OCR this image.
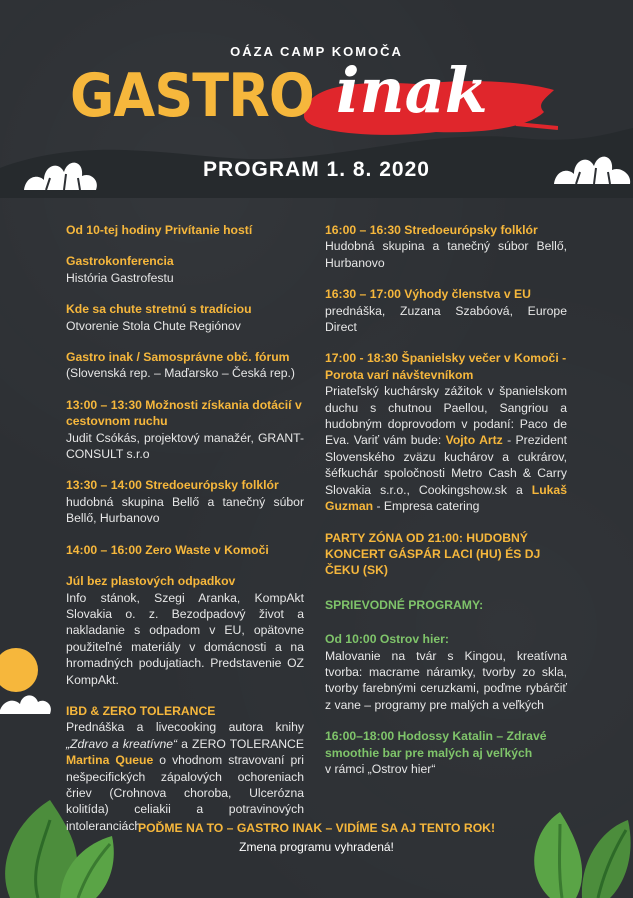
OÁZA CAMP KOMOČA
GASTRO inak
PROGRAM 1. 8. 2020
Od 10-tej hodiny Privítanie hostí
Gastrokonferencia
História Gastrofestu
Kde sa chute stretnú s tradíciou
Otvorenie Stola Chute Regiónov
Gastro inak / Samosprávne obč. fórum
(Slovenská rep. – Maďarsko – Česká rep.)
13:00 – 13:30 Možnosti získania dotácií v cestovnom ruchu
Judit Csókás, projektový manažér, GRANT-CONSULT s.r.o
13:30 – 14:00 Stredoeurópsky folklór
hudobná skupina Bellő a tanečný súbor Bellő, Hurbanovo
14:00 – 16:00 Zero Waste v Komoči
Júl bez plastových odpadkov
Info stánok, Szegi Aranka, KompAkt Slovakia o. z. Bezodpadový život a nakladanie s odpadom v EU, opätovne použiteľné materiály v domácnosti a na hromadných podujatiach. Predstavenie OZ KompAkt.
IBD & ZERO TOLERANCE
Prednáška a livecooking autora knihy „Zdravo a kreatívne“ a ZERO TOLERANCE Martina Queue o vhodnom stravovaní pri nešpecifických zápalových ochoreniach čriev (Crohnova choroba, Ulcerózna kolitída) celiakii a potravinových intoleranciách
16:00 – 16:30 Stredoeurópsky folklór
Hudobná skupina a tanečný súbor Bellő, Hurbanovo
16:30 – 17:00 Výhody členstva v EU
prednáška, Zuzana Szabóová, Europe Direct
17:00 - 18:30 Španielsky večer v Komoči - Porota varí návštevníkom
Priateľský kuchársky zážitok v španielskom duchu s chutnou Paellou, Sangriou a hudobným doprovodom v podaní: Paco de Eva. Variť vám bude: Vojto Artz - Prezident Slovenského zväzu kuchárov a cukrárov, šéfkuchár spoločnosti Metro Cash & Carry Slovakia s.r.o., Cookingshow.sk a Lukaš Guzman - Empresa catering
PARTY ZÓNA OD 21:00: HUDOBNÝ KONCERT GÁSPÁR LACI (HU) ÉS DJ ČEKU (SK)
SPRIEVODNÉ PROGRAMY:
Od 10:00 Ostrov hier:
Malovanie na tvár s Kingou, kreatívna tvorba: macrame náramky, tvorby zo skla, tvorby farebnými ceruzkami, poďme rybárčiť z vane – programy pre malých a veľkých
16:00–18:00 Hodossy Katalin – Zdravé smoothie bar pre malých aj veľkých
v rámci „Ostrov hier“
POĎME NA TO – GASTRO INAK – VIDÍME SA AJ TENTO ROK!
Zmena programu vyhradená!
